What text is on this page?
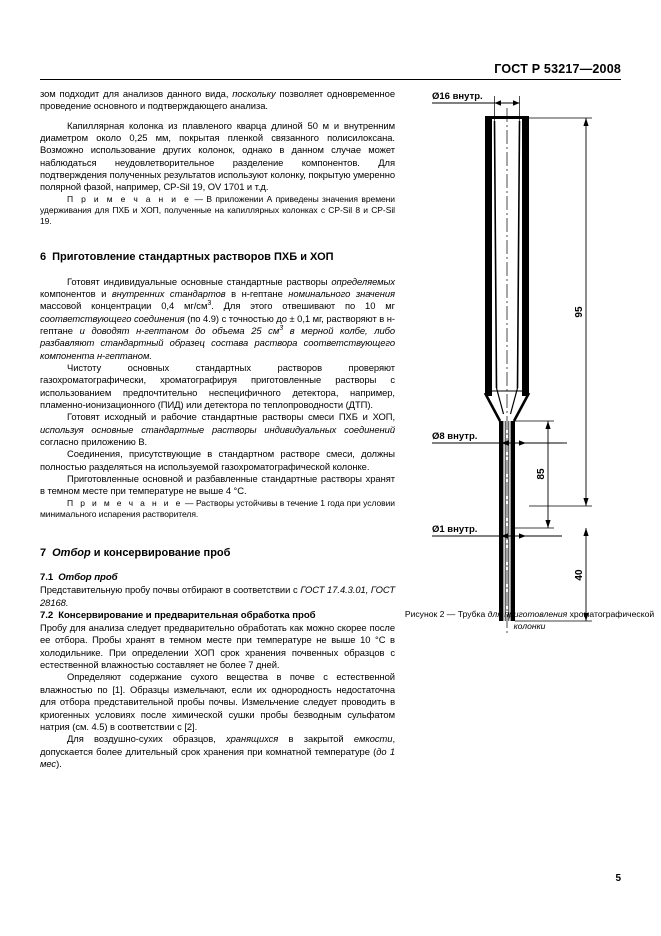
ГОСТ Р 53217—2008

зом подходит для анализов данного вида, поскольку позволяет одновременное проведение основного и подтверждающего анализа.

Капиллярная колонка из плавленого кварца длиной 50 м и внутренним диаметром около 0,25 мм, покрытая пленкой связанного полисилоксана. Возможно использование других колонок, однако в данном случае может наблюдаться неудовлетворительное разделение компонентов. Для подтверждения полученных результатов используют колонку, покрытую умеренно полярной фазой, например, CP-Sil 19, OV 1701 и т.д.

П р и м е ч а н и е — В приложении А приведены значения времени удерживания для ПХБ и ХОП, полученные на капиллярных колонках с CP-Sil 8 и CP-Sil 19.

6 Приготовление стандартных растворов ПХБ и ХОП

Готовят индивидуальные основные стандартные растворы определяемых компонентов и внутренних стандартов в н-гептане номинального значения массовой концентрации 0,4 $мг/см^3$. Для этого отвешивают по 10 мг соответствующего соединения (по 4.9) с точностью до ± 0,1 мг, растворяют в н-гептане и доводят н-гептаном до объема 25 $см^3$ в мерной колбе, либо разбавляют стандартный образец состава раствора соответствующего компонента н-гептаном.

Чистоту основных стандартных растворов проверяют газохроматографически, хроматографируя приготовленные растворы с использованием предпочтительно неспецифичного детектора, например, пламенно-ионизационного (ПИД) или детектора по теплопроводности (ДТП).

Готовят исходный и рабочие стандартные растворы смеси ПХБ и ХОП, используя основные стандартные растворы индивидуальных соединений согласно приложению В.

Соединения, присутствующие в стандартном растворе смеси, должны полностью разделяться на используемой газохроматографической колонке.

Приготовленные основной и разбавленные стандартные растворы хранят в темном месте при температуре не выше 4 °С.

П р и м е ч а н и е — Растворы устойчивы в течение 1 года при условии минимального испарения растворителя.

7 Отбор и консервирование проб
7.1 Отбор проб

Представительную пробу почвы отбирают в соответствии с ГОСТ 17.4.3.01, ГОСТ 28168.

7.2 Консервирование и предварительная обработка проб

Пробу для анализа следует предварительно обработать как можно скорее после ее отбора. Пробы хранят в темном месте при температуре не выше 10 °С в холодильнике. При определении ХОП срок хранения почвенных образцов с естественной влажностью составляет не более 7 дней.

Определяют содержание сухого вещества в почве с естественной влажностью по [1]. Образцы измельчают, если их однородность недостаточна для отбора представительной пробы почвы. Измельчение следует проводить в криогенных условиях после химической сушки пробы безводным сульфатом натрия (см. 4.5) в соответствии с [2].

Для воздушно-сухих образцов, хранящихся в закрытой емкости, допускается более длительный срок хранения при комнатной температуре (до 1 мес).

Ø16 внутр.
Ø8 внутр.
Ø1 внутр.
95
85
40
Рисунок 2 — Трубка для приготовления хроматографической колонки
5
